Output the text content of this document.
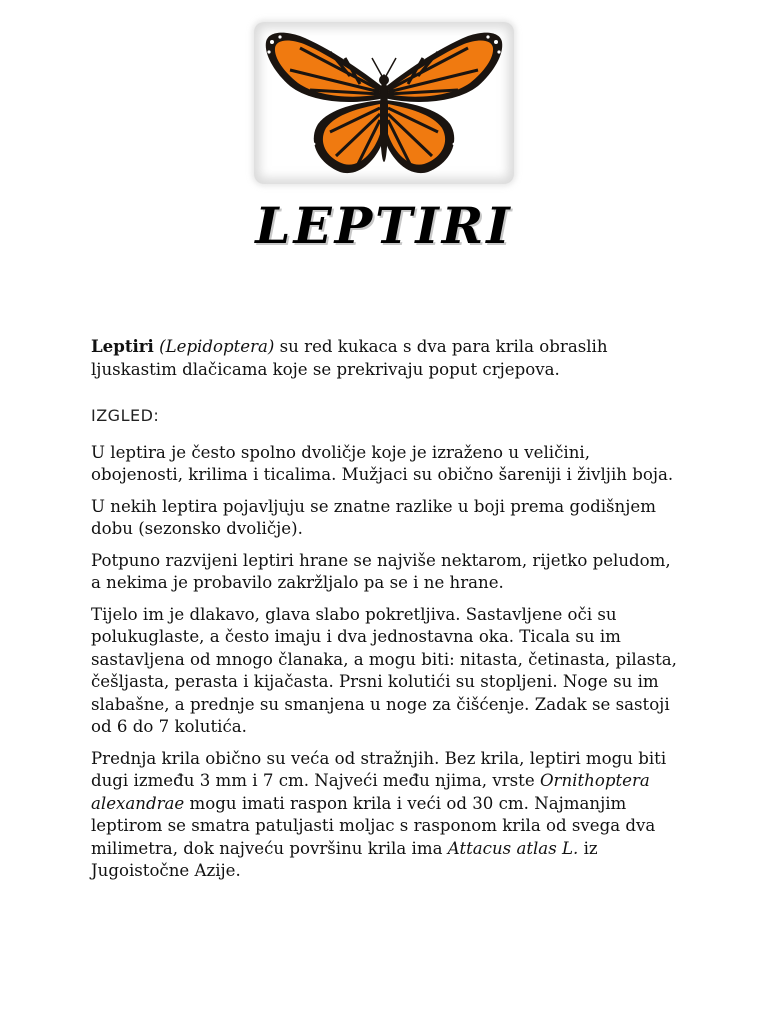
LEPTIRI

Leptiri (Lepidoptera) su red kukaca s dva para krila obraslih ljuskastim dlačicama koje se prekrivaju poput crjepova.

IZGLED:

U leptira je često spolno dvoličje koje je izraženo u veličini, obojenosti, krilima i ticalima. Mužjaci su obično šareniji i življih boja.

U nekih leptira pojavljuju se znatne razlike u boji prema godišnjem dobu (sezonsko dvoličje).

Potpuno razvijeni leptiri hrane se najviše nektarom, rijetko peludom, a nekima je probavilo zakržljalo pa se i ne hrane.

Tijelo im je dlakavo, glava slabo pokretljiva. Sastavljene oči su polukuglaste, a često imaju i dva jednostavna oka. Ticala su im sastavljena od mnogo članaka, a mogu biti: nitasta, četinasta, pilasta, češljasta, perasta i kijačasta. Prsni kolutići su stopljeni. Noge su im slabašne, a prednje su smanjena u noge za čišćenje. Zadak se sastoji od 6 do 7 kolutića.

Prednja krila obično su veća od stražnjih. Bez krila, leptiri mogu biti dugi između 3 mm i 7 cm. Najveći među njima, vrste Ornithoptera alexandrae mogu imati raspon krila i veći od 30 cm. Najmanjim leptirom se smatra patuljasti moljac s rasponom krila od svega dva milimetra, dok najveću površinu krila ima Attacus atlas L. iz Jugoistočne Azije.
